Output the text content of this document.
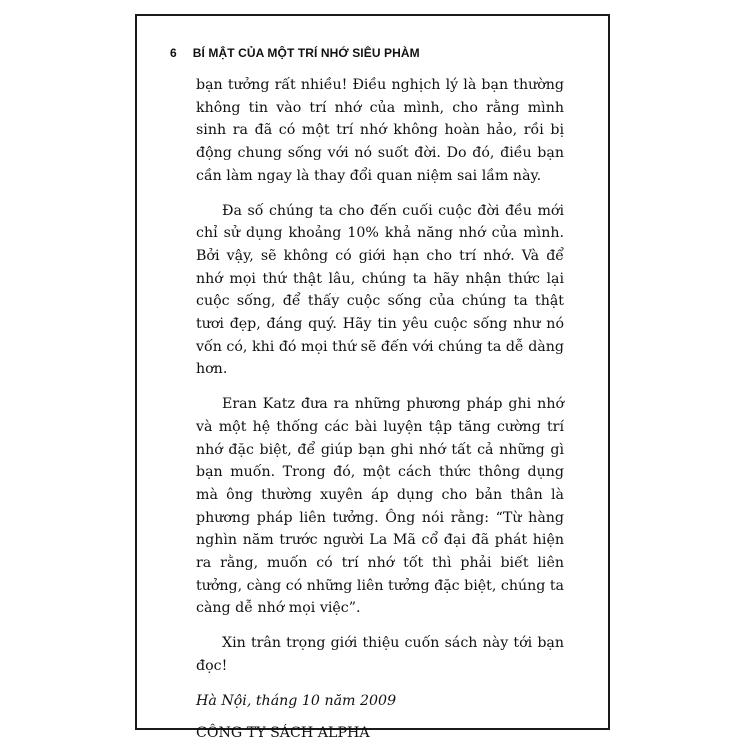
6 BÍ MẬT CỦA MỘT TRÍ NHỚ SIÊU PHÀM

bạn tưởng rất nhiều! Điều nghịch lý là bạn thường không tin vào trí nhớ của mình, cho rằng mình sinh ra đã có một trí nhớ không hoàn hảo, rồi bị động chung sống với nó suốt đời. Do đó, điều bạn cần làm ngay là thay đổi quan niệm sai lầm này.

Đa số chúng ta cho đến cuối cuộc đời đều mới chỉ sử dụng khoảng 10% khả năng nhớ của mình. Bởi vậy, sẽ không có giới hạn cho trí nhớ. Và để nhớ mọi thứ thật lâu, chúng ta hãy nhận thức lại cuộc sống, để thấy cuộc sống của chúng ta thật tươi đẹp, đáng quý. Hãy tin yêu cuộc sống như nó vốn có, khi đó mọi thứ sẽ đến với chúng ta dễ dàng hơn.

Eran Katz đưa ra những phương pháp ghi nhớ và một hệ thống các bài luyện tập tăng cường trí nhớ đặc biệt, để giúp bạn ghi nhớ tất cả những gì bạn muốn. Trong đó, một cách thức thông dụng mà ông thường xuyên áp dụng cho bản thân là phương pháp liên tưởng. Ông nói rằng: “Từ hàng nghìn năm trước người La Mã cổ đại đã phát hiện ra rằng, muốn có trí nhớ tốt thì phải biết liên tưởng, càng có những liên tưởng đặc biệt, chúng ta càng dễ nhớ mọi việc”.

Xin trân trọng giới thiệu cuốn sách này tới bạn đọc!

Hà Nội, tháng 10 năm 2009

CÔNG TY SÁCH ALPHA
